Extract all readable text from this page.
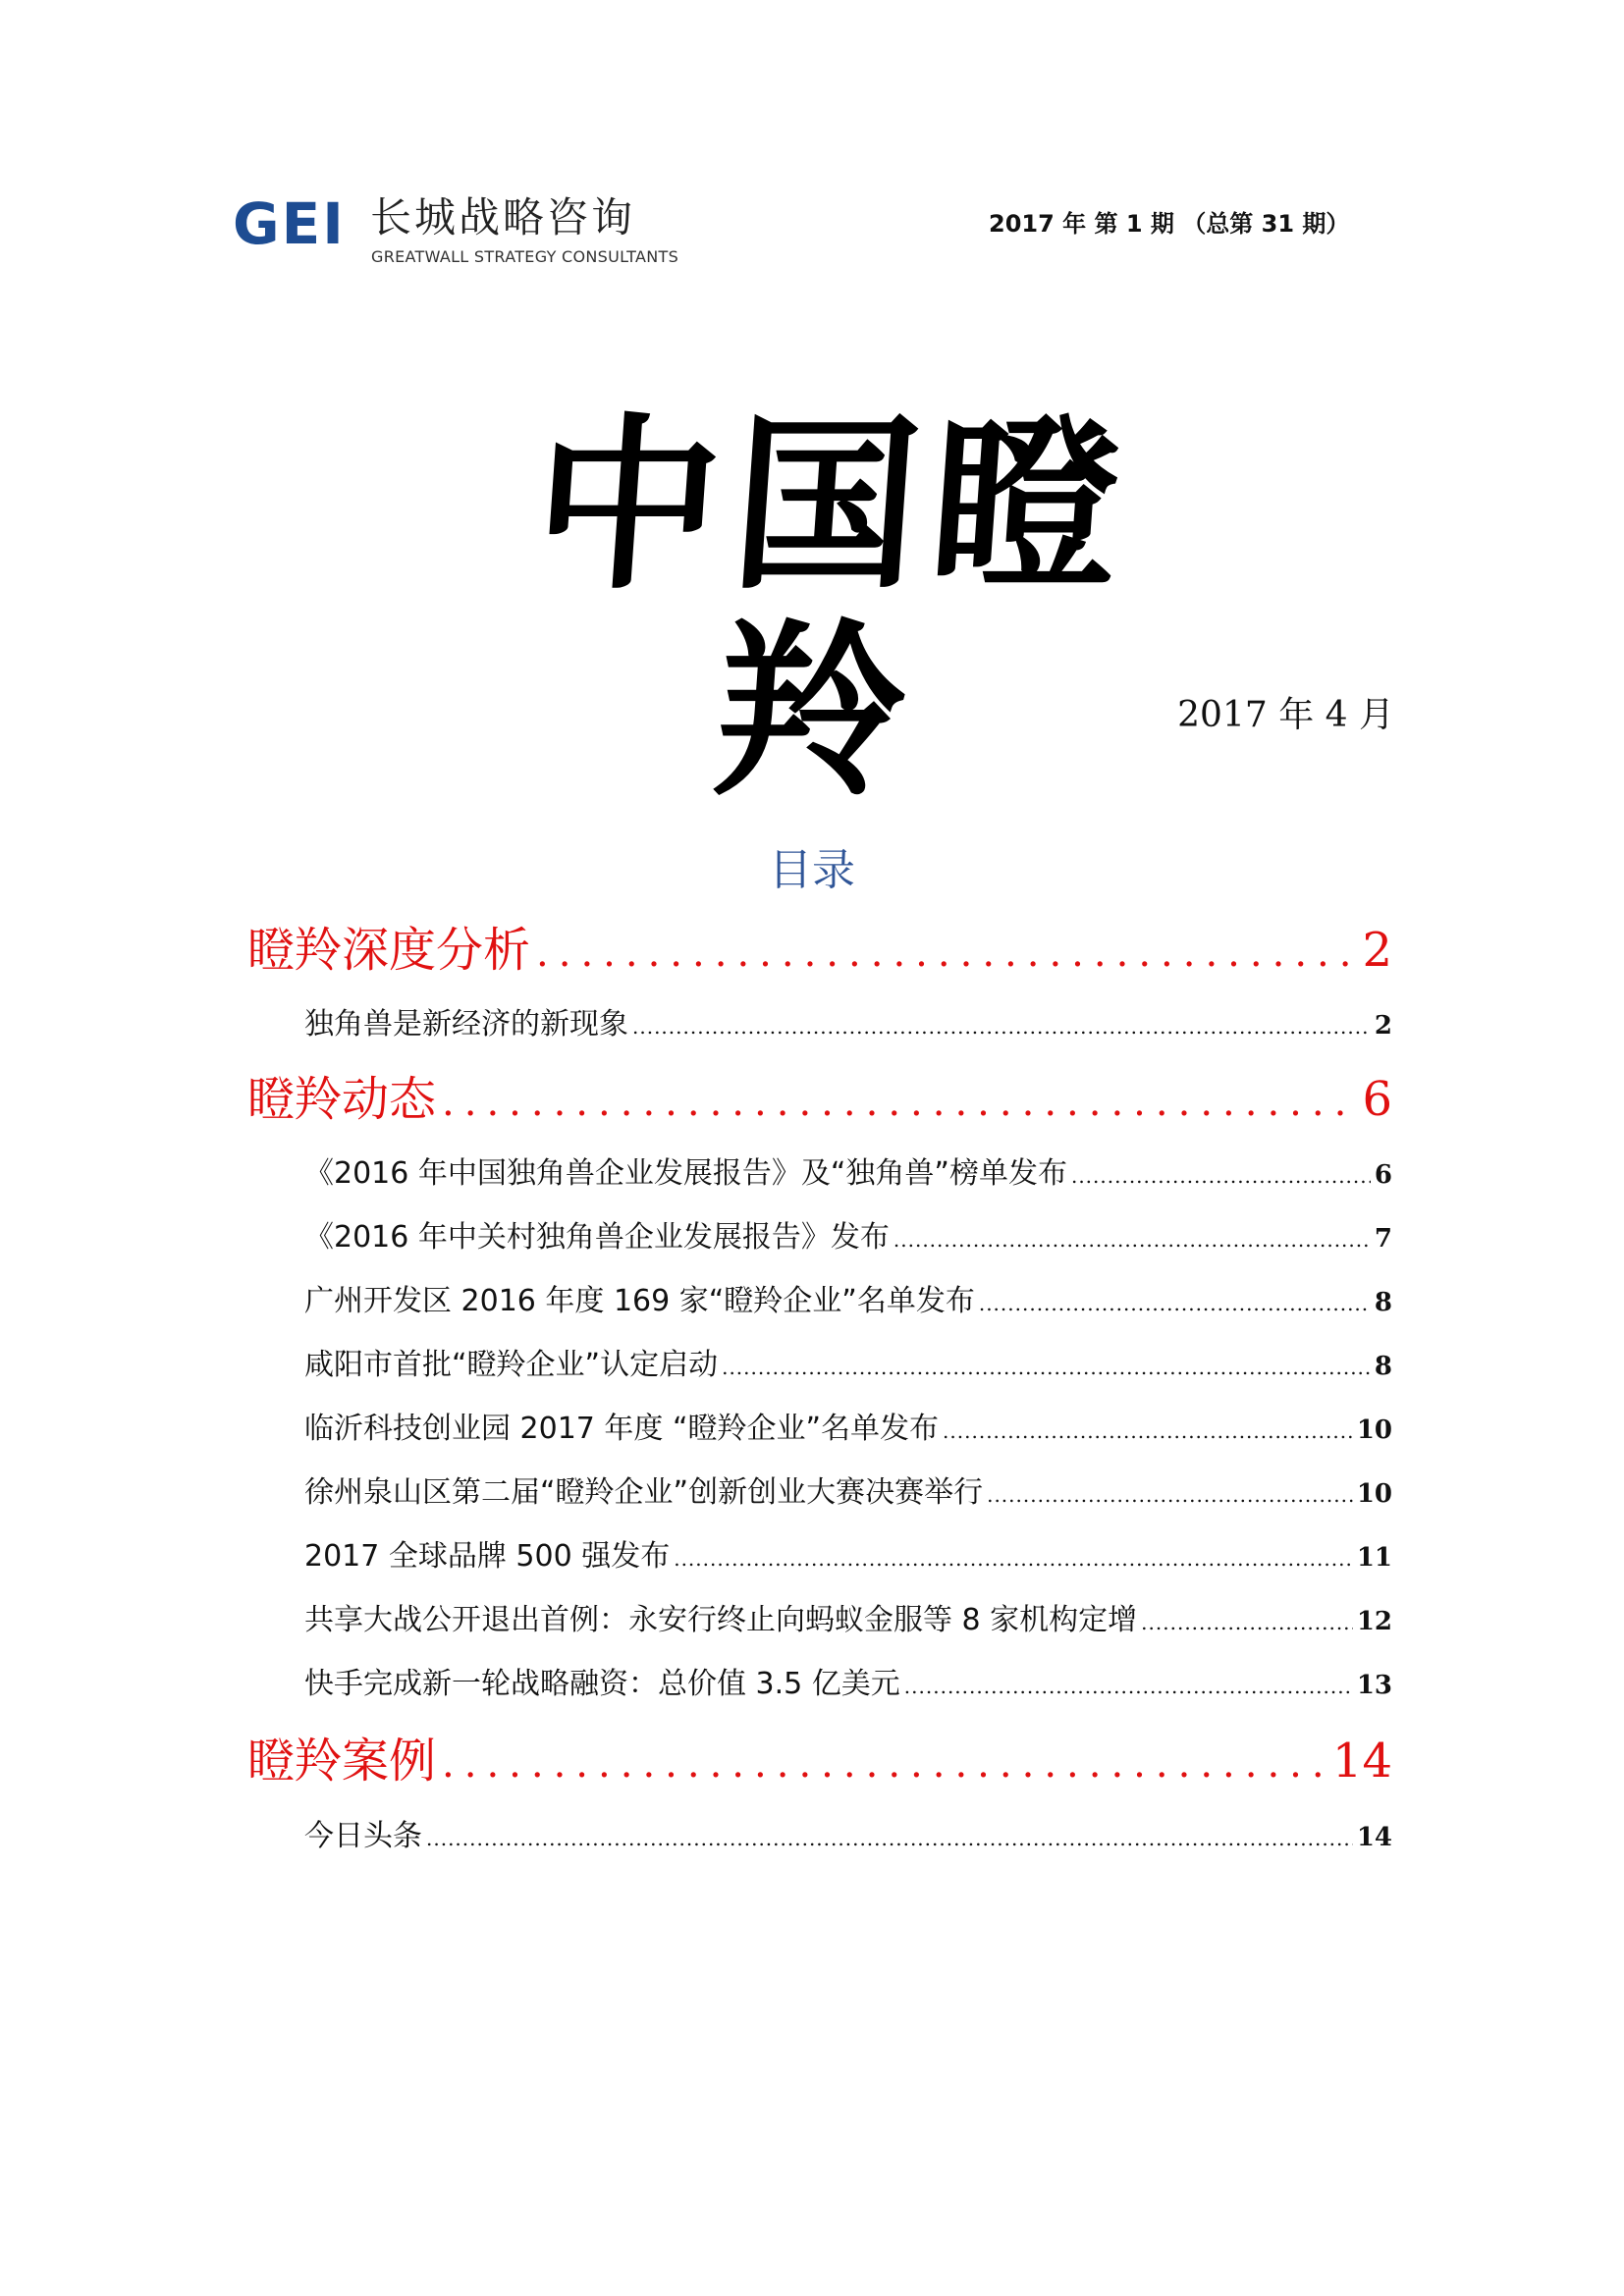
GEI 长城战略咨询
GREATWALL STRATEGY CONSULTANTS
2017 年 第 1 期 （总第 31 期）
中国瞪羚	2017 年 4 月
目录
瞪羚深度分析 .....	2
独角兽是新经济的新现象 .....	2
瞪羚动态 .....	6
《2016 年中国独角兽企业发展报告》及“独角兽”榜单发布 .....	6
《2016 年中关村独角兽企业发展报告》发布 .....	7
广州开发区 2016 年度 169 家“瞪羚企业”名单发布 .....	8
咸阳市首批“瞪羚企业”认定启动 .....	8
临沂科技创业园 2017 年度 “瞪羚企业”名单发布 .....	10
徐州泉山区第二届“瞪羚企业”创新创业大赛决赛举行 .....	10
2017 全球品牌 500 强发布 .....	11
共享大战公开退出首例：永安行终止向蚂蚁金服等 8 家机构定增 .....	12
快手完成新一轮战略融资：总价值 3.5 亿美元 .....	13
瞪羚案例 .....	14
今日头条 .....	14
